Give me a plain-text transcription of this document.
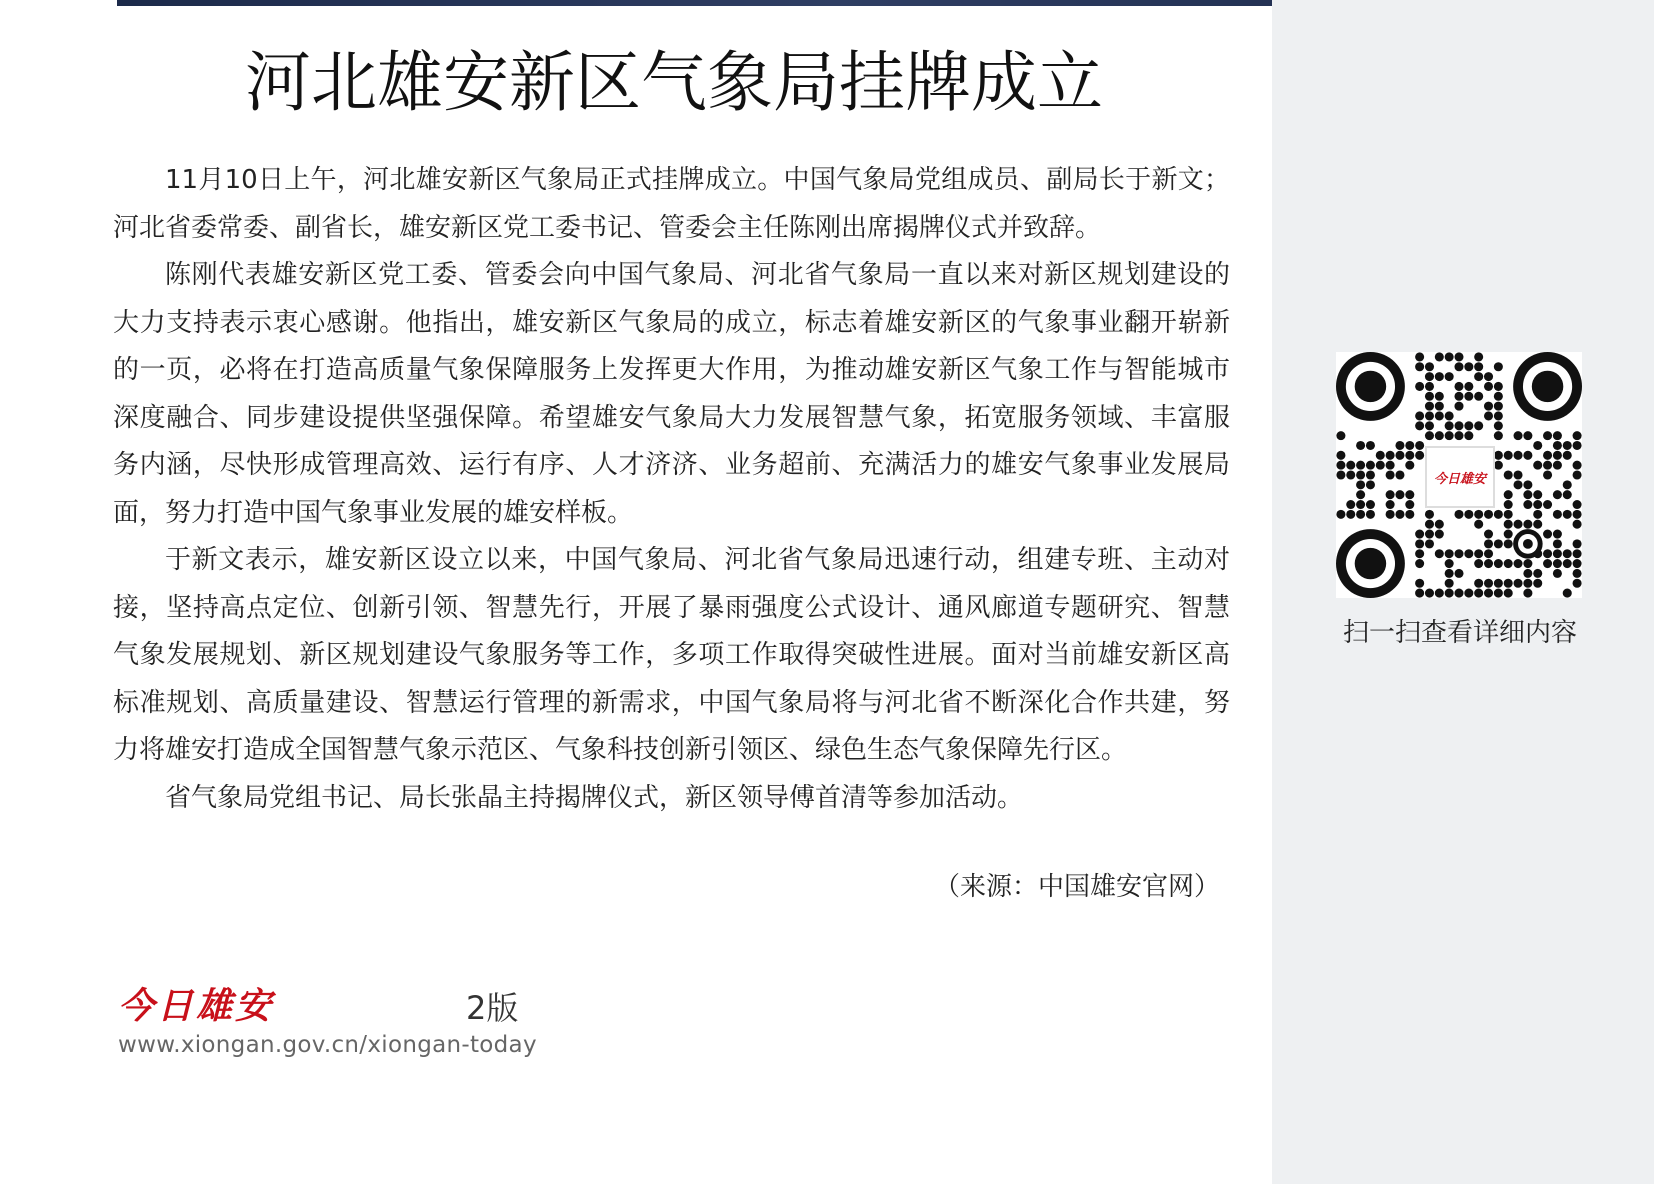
河北雄安新区气象局挂牌成立

11月10日上午，河北雄安新区气象局正式挂牌成立。中国气象局党组成员、副局长于新文；河北省委常委、副省长，雄安新区党工委书记、管委会主任陈刚出席揭牌仪式并致辞。

陈刚代表雄安新区党工委、管委会向中国气象局、河北省气象局一直以来对新区规划建设的大力支持表示衷心感谢。他指出，雄安新区气象局的成立，标志着雄安新区的气象事业翻开崭新的一页，必将在打造高质量气象保障服务上发挥更大作用，为推动雄安新区气象工作与智能城市深度融合、同步建设提供坚强保障。希望雄安气象局大力发展智慧气象，拓宽服务领域、丰富服务内涵，尽快形成管理高效、运行有序、人才济济、业务超前、充满活力的雄安气象事业发展局面，努力打造中国气象事业发展的雄安样板。

于新文表示，雄安新区设立以来，中国气象局、河北省气象局迅速行动，组建专班、主动对接，坚持高点定位、创新引领、智慧先行，开展了暴雨强度公式设计、通风廊道专题研究、智慧气象发展规划、新区规划建设气象服务等工作，多项工作取得突破性进展。面对当前雄安新区高标准规划、高质量建设、智慧运行管理的新需求，中国气象局将与河北省不断深化合作共建，努力将雄安打造成全国智慧气象示范区、气象科技创新引领区、绿色生态气象保障先行区。

省气象局党组书记、局长张晶主持揭牌仪式，新区领导傅首清等参加活动。

（来源：中国雄安官网）
今日雄安	2版
www.xiongan.gov.cn/xiongan-today
今日雄安
扫一扫查看详细内容
